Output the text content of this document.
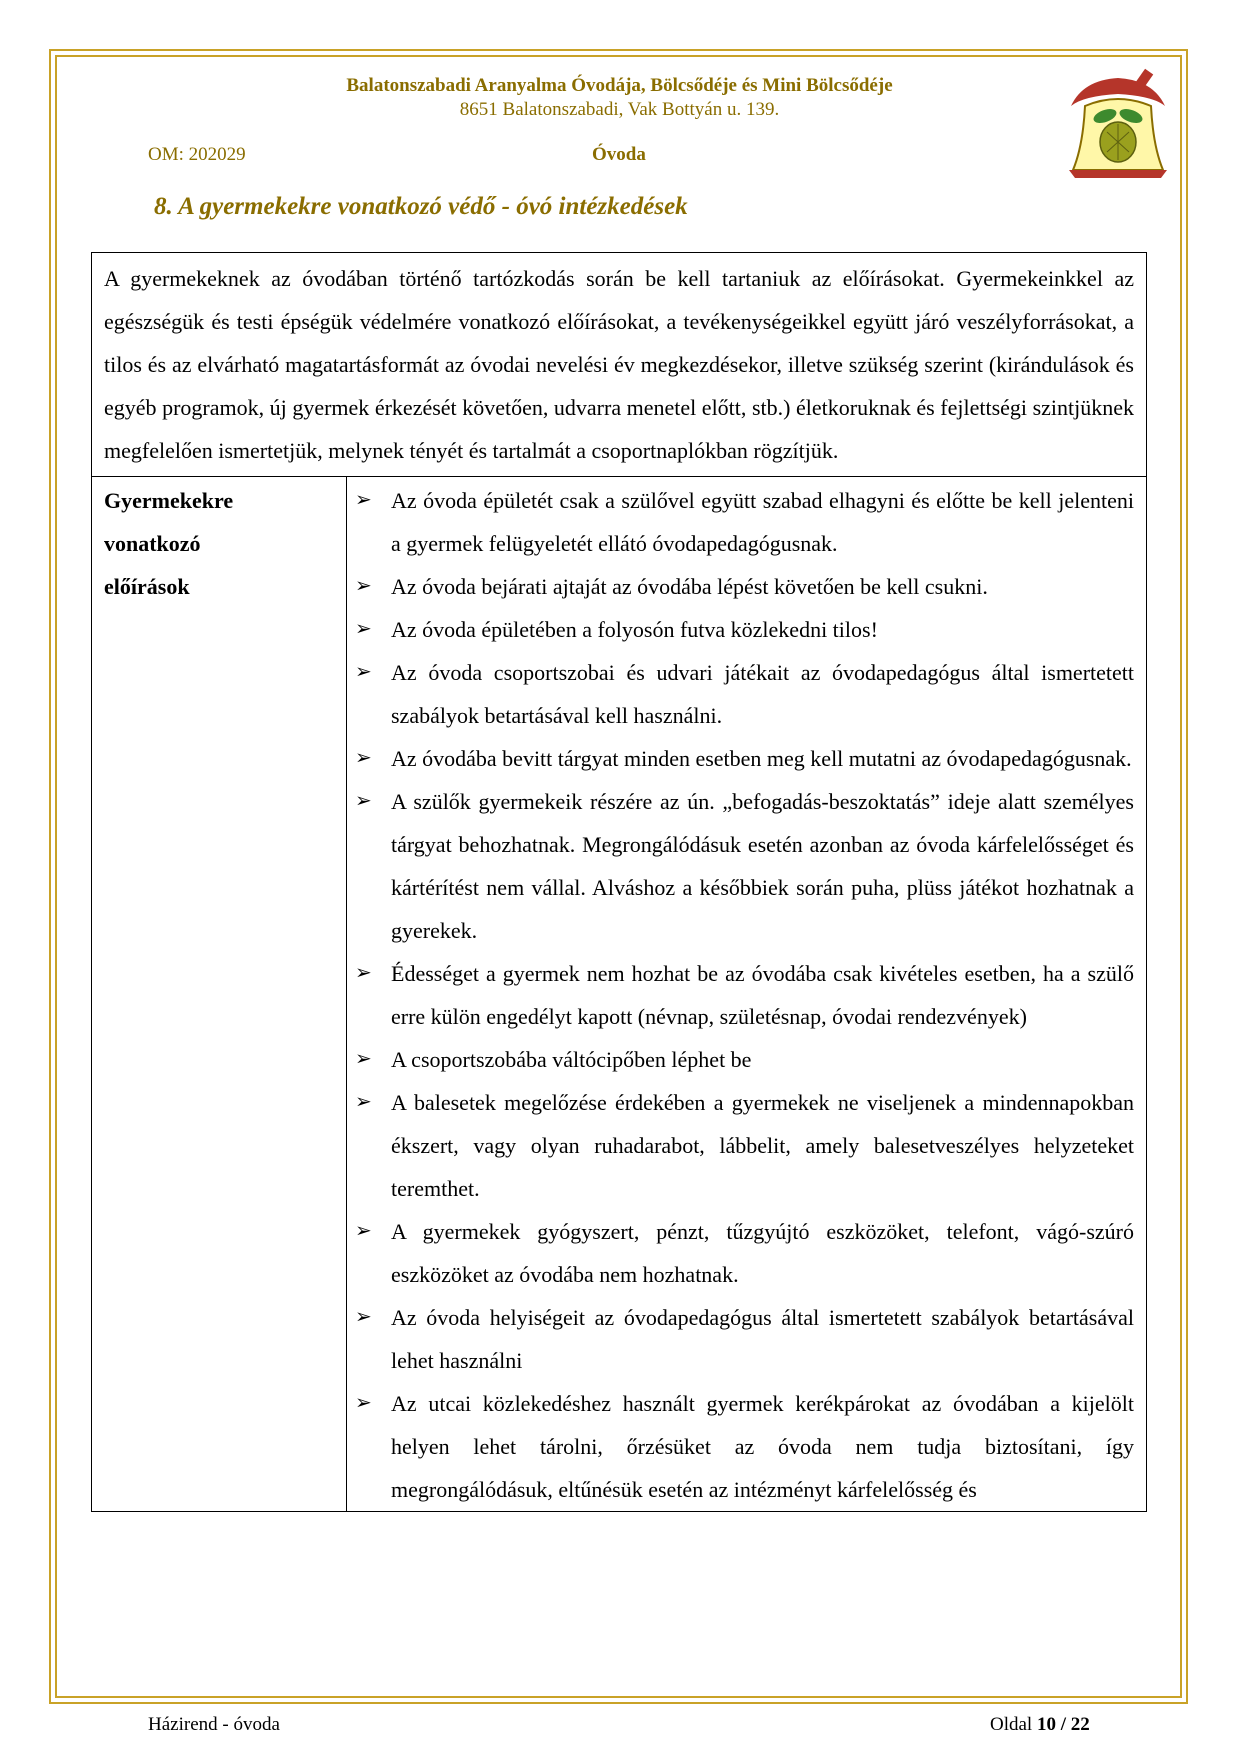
Balatonszabadi Aranyalma Óvodája, Bölcsődéje és Mini Bölcsődéje
8651 Balatonszabadi, Vak Bottyán u. 139.
OM: 202029	Óvoda
8. A gyermekekre vonatkozó védő - óvó intézkedések
A gyermekeknek az óvodában történő tartózkodás során be kell tartaniuk az előírásokat. Gyermekeinkkel az egészségük és testi épségük védelmére vonatkozó előírásokat, a tevékenységeikkel együtt járó veszélyforrásokat, a tilos és az elvárható magatartásformát az óvodai nevelési év megkezdésekor, illetve szükség szerint (kirándulások és egyéb programok, új gyermek érkezését követően, udvarra menetel előtt, stb.) életkoruknak és fejlettségi szintjüknek megfelelően ismertetjük, melynek tényét és tartalmát a csoportnaplókban rögzítjük.

Gyermekekre
vonatkozó
előírások

➢ Az óvoda épületét csak a szülővel együtt szabad elhagyni és előtte be kell jelenteni a gyermek felügyeletét ellátó óvodapedagógusnak.
➢ Az óvoda bejárati ajtaját az óvodába lépést követően be kell csukni.
➢ Az óvoda épületében a folyosón futva közlekedni tilos!
➢ Az óvoda csoportszobai és udvari játékait az óvodapedagógus által ismertetett szabályok betartásával kell használni.
➢ Az óvodába bevitt tárgyat minden esetben meg kell mutatni az óvodapedagógusnak.
➢ A szülők gyermekeik részére az ún. „befogadás-beszoktatás” ideje alatt személyes tárgyat behozhatnak. Megrongálódásuk esetén azonban az óvoda kárfelelősséget és kártérítést nem vállal. Alváshoz a későbbiek során puha, plüss játékot hozhatnak a gyerekek.
➢ Édességet a gyermek nem hozhat be az óvodába csak kivételes esetben, ha a szülő erre külön engedélyt kapott (névnap, születésnap, óvodai rendezvények)
➢ A csoportszobába váltócipőben léphet be
➢ A balesetek megelőzése érdekében a gyermekek ne viseljenek a mindennapokban ékszert, vagy olyan ruhadarabot, lábbelit, amely balesetveszélyes helyzeteket teremthet.
➢ A gyermekek gyógyszert, pénzt, tűzgyújtó eszközöket, telefont, vágó-szúró eszközöket az óvodába nem hozhatnak.
➢ Az óvoda helyiségeit az óvodapedagógus által ismertetett szabályok betartásával lehet használni
➢ Az utcai közlekedéshez használt gyermek kerékpárokat az óvodában a kijelölt helyen lehet tárolni, őrzésüket az óvoda nem tudja biztosítani, így megrongálódásuk, eltűnésük esetén az intézményt kárfelelősség és
Házirend - óvoda	Oldal 10 / 22
